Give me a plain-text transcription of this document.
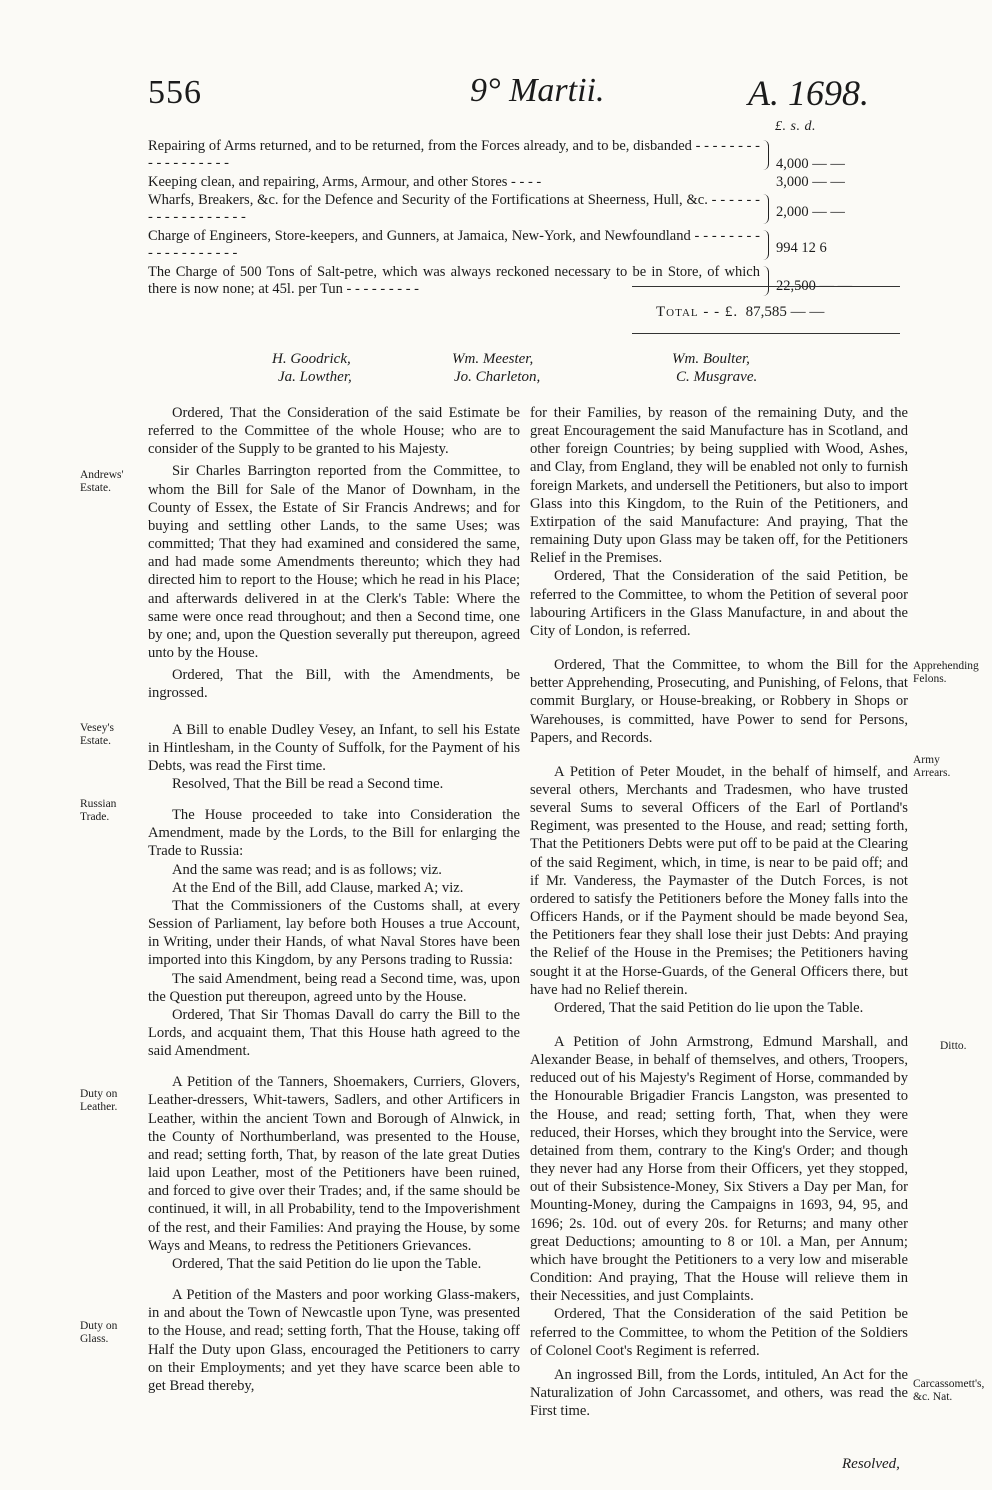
556	9° Martii.	A. 1698.
£. s. d.
Repairing of Arms returned, and to be returned, from the Forces already, and to be, disbanded - - - - - - - - - - - - - - - - - -	4,000 — —
Keeping clean, and repairing, Arms, Armour, and other Stores - - - -	3,000 — —
Wharfs, Breakers, &c. for the Defence and Security of the Fortifications at Sheerness, Hull, &c. - - - - - - - - - - - - - - - - - -	2,000 — —
Charge of Engineers, Store-keepers, and Gunners, at Jamaica, New-York, and Newfoundland - - - - - - - - - - - - - - - - - - -	994 12 6
The Charge of 500 Tons of Salt-petre, which was always reckoned necessary to be in Store, of which there is now none; at 45l. per Tun - - - - - - - - -	22,500 — —
Total - - £. 87,585 — —
H. Goodrick,
Ja. Lowther,
Wm. Meester,
Jo. Charleton,
Wm. Boulter,
C. Musgrave.
Andrews' Estate.
Vesey's Estate.
Russian Trade.
Duty on Leather.
Duty on Glass.
Apprehending Felons.
Army Arrears.
Ditto.
Carcassomett's, &c. Nat.

Ordered, That the Consideration of the said Estimate be referred to the Committee of the whole House; who are to consider of the Supply to be granted to his Majesty.

Sir Charles Barrington reported from the Committee, to whom the Bill for Sale of the Manor of Downham, in the County of Essex, the Estate of Sir Francis Andrews; and for buying and settling other Lands, to the same Uses; was committed; That they had examined and considered the same, and had made some Amendments thereunto; which they had directed him to report to the House; which he read in his Place; and afterwards delivered in at the Clerk's Table: Where the same were once read throughout; and then a Second time, one by one; and, upon the Question severally put thereupon, agreed unto by the House.

Ordered, That the Bill, with the Amendments, be ingrossed.

A Bill to enable Dudley Vesey, an Infant, to sell his Estate in Hintlesham, in the County of Suffolk, for the Payment of his Debts, was read the First time.

Resolved, That the Bill be read a Second time.

The House proceeded to take into Consideration the Amendment, made by the Lords, to the Bill for enlarging the Trade to Russia:

And the same was read; and is as follows; viz.

At the End of the Bill, add Clause, marked A; viz.

That the Commissioners of the Customs shall, at every Session of Parliament, lay before both Houses a true Account, in Writing, under their Hands, of what Naval Stores have been imported into this Kingdom, by any Persons trading to Russia:

The said Amendment, being read a Second time, was, upon the Question put thereupon, agreed unto by the House.

Ordered, That Sir Thomas Davall do carry the Bill to the Lords, and acquaint them, That this House hath agreed to the said Amendment.

A Petition of the Tanners, Shoemakers, Curriers, Glovers, Leather-dressers, Whit-tawers, Sadlers, and other Artificers in Leather, within the ancient Town and Borough of Alnwick, in the County of Northumberland, was presented to the House, and read; setting forth, That, by reason of the late great Duties laid upon Leather, most of the Petitioners have been ruined, and forced to give over their Trades; and, if the same should be continued, it will, in all Probability, tend to the Impoverishment of the rest, and their Families: And praying the House, by some Ways and Means, to redress the Petitioners Grievances.

Ordered, That the said Petition do lie upon the Table.

A Petition of the Masters and poor working Glass-makers, in and about the Town of Newcastle upon Tyne, was presented to the House, and read; setting forth, That the House, taking off Half the Duty upon Glass, encouraged the Petitioners to carry on their Employments; and yet they have scarce been able to get Bread thereby,

for their Families, by reason of the remaining Duty, and the great Encouragement the said Manufacture has in Scotland, and other foreign Countries; by being supplied with Wood, Ashes, and Clay, from England, they will be enabled not only to furnish foreign Markets, and undersell the Petitioners, but also to import Glass into this Kingdom, to the Ruin of the Petitioners, and Extirpation of the said Manufacture: And praying, That the remaining Duty upon Glass may be taken off, for the Petitioners Relief in the Premises.

Ordered, That the Consideration of the said Petition, be referred to the Committee, to whom the Petition of several poor labouring Artificers in the Glass Manufacture, in and about the City of London, is referred.

Ordered, That the Committee, to whom the Bill for the better Apprehending, Prosecuting, and Punishing, of Felons, that commit Burglary, or House-breaking, or Robbery in Shops or Warehouses, is committed, have Power to send for Persons, Papers, and Records.

A Petition of Peter Moudet, in the behalf of himself, and several others, Merchants and Tradesmen, who have trusted several Sums to several Officers of the Earl of Portland's Regiment, was presented to the House, and read; setting forth, That the Petitioners Debts were put off to be paid at the Clearing of the said Regiment, which, in time, is near to be paid off; and if Mr. Vanderess, the Paymaster of the Dutch Forces, is not ordered to satisfy the Petitioners before the Money falls into the Officers Hands, or if the Payment should be made beyond Sea, the Petitioners fear they shall lose their just Debts: And praying the Relief of the House in the Premises; the Petitioners having sought it at the Horse-Guards, of the General Officers there, but have had no Relief therein.

Ordered, That the said Petition do lie upon the Table.

A Petition of John Armstrong, Edmund Marshall, and Alexander Bease, in behalf of themselves, and others, Troopers, reduced out of his Majesty's Regiment of Horse, commanded by the Honourable Brigadier Francis Langston, was presented to the House, and read; setting forth, That, when they were reduced, their Horses, which they brought into the Service, were detained from them, contrary to the King's Order; and though they never had any Horse from their Officers, yet they stopped, out of their Subsistence-Money, Six Stivers a Day per Man, for Mounting-Money, during the Campaigns in 1693, 94, 95, and 1696; 2s. 10d. out of every 20s. for Returns; and many other great Deductions; amounting to 8 or 10l. a Man, per Annum; which have brought the Petitioners to a very low and miserable Condition: And praying, That the House will relieve them in their Necessities, and just Complaints.

Ordered, That the Consideration of the said Petition be referred to the Committee, to whom the Petition of the Soldiers of Colonel Coot's Regiment is referred.

An ingrossed Bill, from the Lords, intituled, An Act for the Naturalization of John Carcassomet, and others, was read the First time.

Resolved,
